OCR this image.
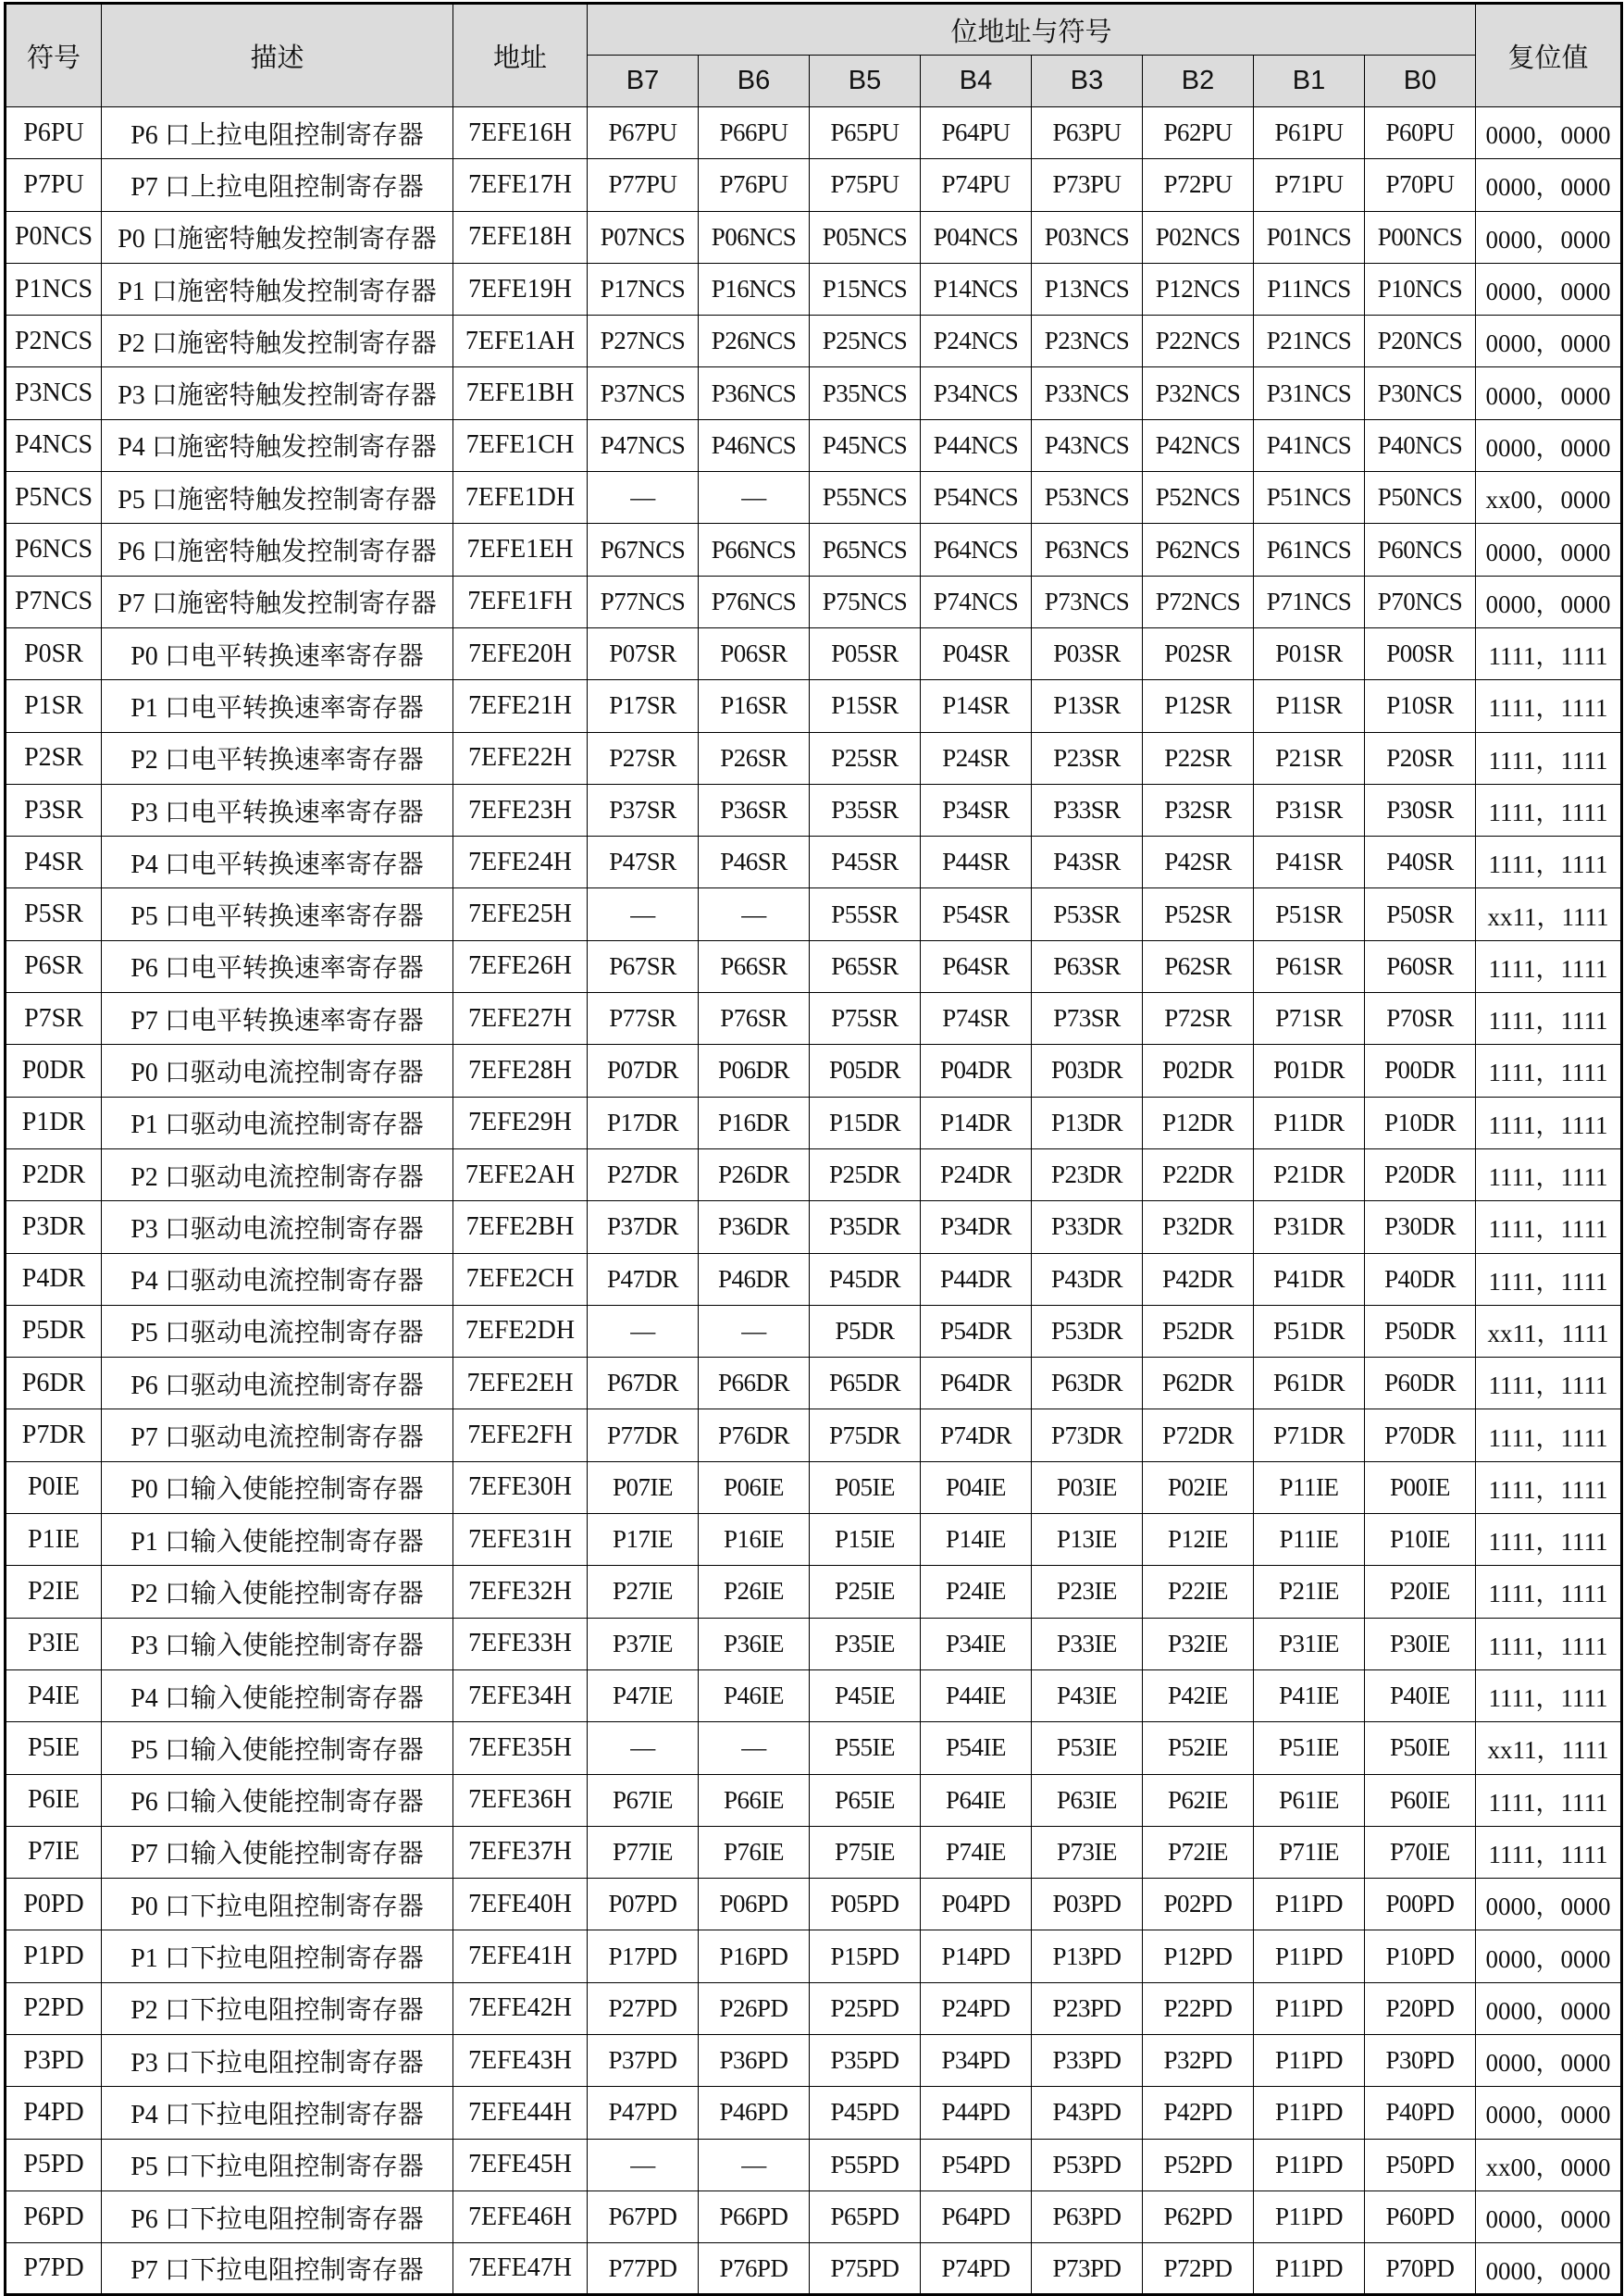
符号	描述	地址	位地址与符号								复位值
			B7	B6	B5	B4	B3	B2	B1	B0	
P6PU	P6 口上拉电阻控制寄存器	7EFE16H	P67PU	P66PU	P65PU	P64PU	P63PU	P62PU	P61PU	P60PU	0000，0000
P7PU	P7 口上拉电阻控制寄存器	7EFE17H	P77PU	P76PU	P75PU	P74PU	P73PU	P72PU	P71PU	P70PU	0000，0000
P0NCS	P0 口施密特触发控制寄存器	7EFE18H	P07NCS	P06NCS	P05NCS	P04NCS	P03NCS	P02NCS	P01NCS	P00NCS	0000，0000
P1NCS	P1 口施密特触发控制寄存器	7EFE19H	P17NCS	P16NCS	P15NCS	P14NCS	P13NCS	P12NCS	P11NCS	P10NCS	0000，0000
P2NCS	P2 口施密特触发控制寄存器	7EFE1AH	P27NCS	P26NCS	P25NCS	P24NCS	P23NCS	P22NCS	P21NCS	P20NCS	0000，0000
P3NCS	P3 口施密特触发控制寄存器	7EFE1BH	P37NCS	P36NCS	P35NCS	P34NCS	P33NCS	P32NCS	P31NCS	P30NCS	0000，0000
P4NCS	P4 口施密特触发控制寄存器	7EFE1CH	P47NCS	P46NCS	P45NCS	P44NCS	P43NCS	P42NCS	P41NCS	P40NCS	0000，0000
P5NCS	P5 口施密特触发控制寄存器	7EFE1DH	—	—	P55NCS	P54NCS	P53NCS	P52NCS	P51NCS	P50NCS	xx00，0000
P6NCS	P6 口施密特触发控制寄存器	7EFE1EH	P67NCS	P66NCS	P65NCS	P64NCS	P63NCS	P62NCS	P61NCS	P60NCS	0000，0000
P7NCS	P7 口施密特触发控制寄存器	7EFE1FH	P77NCS	P76NCS	P75NCS	P74NCS	P73NCS	P72NCS	P71NCS	P70NCS	0000，0000
P0SR	P0 口电平转换速率寄存器	7EFE20H	P07SR	P06SR	P05SR	P04SR	P03SR	P02SR	P01SR	P00SR	1111，1111
P1SR	P1 口电平转换速率寄存器	7EFE21H	P17SR	P16SR	P15SR	P14SR	P13SR	P12SR	P11SR	P10SR	1111，1111
P2SR	P2 口电平转换速率寄存器	7EFE22H	P27SR	P26SR	P25SR	P24SR	P23SR	P22SR	P21SR	P20SR	1111，1111
P3SR	P3 口电平转换速率寄存器	7EFE23H	P37SR	P36SR	P35SR	P34SR	P33SR	P32SR	P31SR	P30SR	1111，1111
P4SR	P4 口电平转换速率寄存器	7EFE24H	P47SR	P46SR	P45SR	P44SR	P43SR	P42SR	P41SR	P40SR	1111，1111
P5SR	P5 口电平转换速率寄存器	7EFE25H	—	—	P55SR	P54SR	P53SR	P52SR	P51SR	P50SR	xx11，1111
P6SR	P6 口电平转换速率寄存器	7EFE26H	P67SR	P66SR	P65SR	P64SR	P63SR	P62SR	P61SR	P60SR	1111，1111
P7SR	P7 口电平转换速率寄存器	7EFE27H	P77SR	P76SR	P75SR	P74SR	P73SR	P72SR	P71SR	P70SR	1111，1111
P0DR	P0 口驱动电流控制寄存器	7EFE28H	P07DR	P06DR	P05DR	P04DR	P03DR	P02DR	P01DR	P00DR	1111，1111
P1DR	P1 口驱动电流控制寄存器	7EFE29H	P17DR	P16DR	P15DR	P14DR	P13DR	P12DR	P11DR	P10DR	1111，1111
P2DR	P2 口驱动电流控制寄存器	7EFE2AH	P27DR	P26DR	P25DR	P24DR	P23DR	P22DR	P21DR	P20DR	1111，1111
P3DR	P3 口驱动电流控制寄存器	7EFE2BH	P37DR	P36DR	P35DR	P34DR	P33DR	P32DR	P31DR	P30DR	1111，1111
P4DR	P4 口驱动电流控制寄存器	7EFE2CH	P47DR	P46DR	P45DR	P44DR	P43DR	P42DR	P41DR	P40DR	1111，1111
P5DR	P5 口驱动电流控制寄存器	7EFE2DH	—	—	P5DR	P54DR	P53DR	P52DR	P51DR	P50DR	xx11，1111
P6DR	P6 口驱动电流控制寄存器	7EFE2EH	P67DR	P66DR	P65DR	P64DR	P63DR	P62DR	P61DR	P60DR	1111，1111
P7DR	P7 口驱动电流控制寄存器	7EFE2FH	P77DR	P76DR	P75DR	P74DR	P73DR	P72DR	P71DR	P70DR	1111，1111
P0IE	P0 口输入使能控制寄存器	7EFE30H	P07IE	P06IE	P05IE	P04IE	P03IE	P02IE	P11IE	P00IE	1111，1111
P1IE	P1 口输入使能控制寄存器	7EFE31H	P17IE	P16IE	P15IE	P14IE	P13IE	P12IE	P11IE	P10IE	1111，1111
P2IE	P2 口输入使能控制寄存器	7EFE32H	P27IE	P26IE	P25IE	P24IE	P23IE	P22IE	P21IE	P20IE	1111，1111
P3IE	P3 口输入使能控制寄存器	7EFE33H	P37IE	P36IE	P35IE	P34IE	P33IE	P32IE	P31IE	P30IE	1111，1111
P4IE	P4 口输入使能控制寄存器	7EFE34H	P47IE	P46IE	P45IE	P44IE	P43IE	P42IE	P41IE	P40IE	1111，1111
P5IE	P5 口输入使能控制寄存器	7EFE35H	—	—	P55IE	P54IE	P53IE	P52IE	P51IE	P50IE	xx11，1111
P6IE	P6 口输入使能控制寄存器	7EFE36H	P67IE	P66IE	P65IE	P64IE	P63IE	P62IE	P61IE	P60IE	1111，1111
P7IE	P7 口输入使能控制寄存器	7EFE37H	P77IE	P76IE	P75IE	P74IE	P73IE	P72IE	P71IE	P70IE	1111，1111
P0PD	P0 口下拉电阻控制寄存器	7EFE40H	P07PD	P06PD	P05PD	P04PD	P03PD	P02PD	P11PD	P00PD	0000，0000
P1PD	P1 口下拉电阻控制寄存器	7EFE41H	P17PD	P16PD	P15PD	P14PD	P13PD	P12PD	P11PD	P10PD	0000，0000
P2PD	P2 口下拉电阻控制寄存器	7EFE42H	P27PD	P26PD	P25PD	P24PD	P23PD	P22PD	P11PD	P20PD	0000，0000
P3PD	P3 口下拉电阻控制寄存器	7EFE43H	P37PD	P36PD	P35PD	P34PD	P33PD	P32PD	P11PD	P30PD	0000，0000
P4PD	P4 口下拉电阻控制寄存器	7EFE44H	P47PD	P46PD	P45PD	P44PD	P43PD	P42PD	P11PD	P40PD	0000，0000
P5PD	P5 口下拉电阻控制寄存器	7EFE45H	—	—	P55PD	P54PD	P53PD	P52PD	P11PD	P50PD	xx00，0000
P6PD	P6 口下拉电阻控制寄存器	7EFE46H	P67PD	P66PD	P65PD	P64PD	P63PD	P62PD	P11PD	P60PD	0000，0000
P7PD	P7 口下拉电阻控制寄存器	7EFE47H	P77PD	P76PD	P75PD	P74PD	P73PD	P72PD	P11PD	P70PD	0000，0000
